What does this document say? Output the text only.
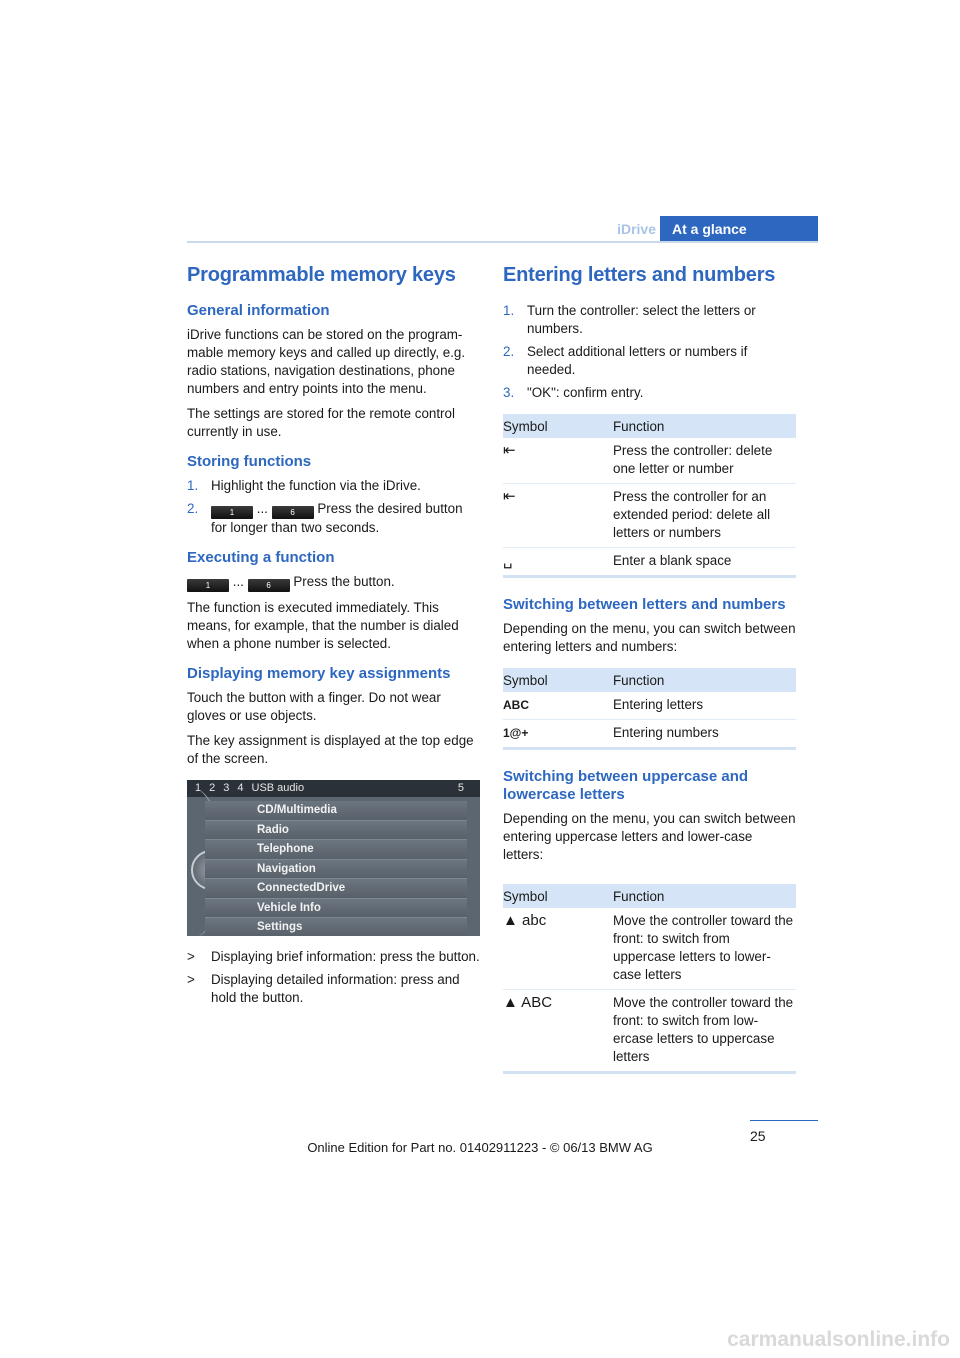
iDrive	At a glance
Programmable memory keys
General information

iDrive functions can be stored on the program-mable memory keys and called up directly, e.g. radio stations, navigation destinations, phone numbers and entry points into the menu.

The settings are stored for the remote control currently in use.

Storing functions
1. Highlight the function via the iDrive.
2.	1 ...	6 Press the desired button for longer than two seconds.
Executing a function

1 ...	6 Press the button.

The function is executed immediately. This means, for example, that the number is dialed when a phone number is selected.

Displaying memory key assignments

Touch the button with a finger. Do not wear gloves or use objects.

The key assignment is displayed at the top edge of the screen.

1 2 3 4 USB audio	5
CD/Multimedia
Radio
Telephone
Navigation
ConnectedDrive
Vehicle Info
Settings
>	Displaying brief information: press the button.
>	Displaying detailed information: press and hold the button.
Entering letters and numbers
1. Turn the controller: select the letters or numbers.
2. Select additional letters or numbers if needed.
3. "OK": confirm entry.
Symbol	Function
⇤	Press the controller: delete one letter or number
⇤	Press the controller for an extended period: delete all letters or numbers
␣	Enter a blank space
Switching between letters and numbers

Depending on the menu, you can switch between entering letters and numbers:

Symbol	Function
ABC	Entering letters
1@+	Entering numbers
Switching between uppercase and lowercase letters

Depending on the menu, you can switch between entering uppercase letters and lower-case letters:

Symbol	Function
▲ abc	Move the controller toward the front: to switch from uppercase letters to lower-case letters
▲ ABC	Move the controller toward the front: to switch from low-ercase letters to uppercase letters
25
Online Edition for Part no. 01402911223 - © 06/13 BMW AG
carmanualsonline.info
